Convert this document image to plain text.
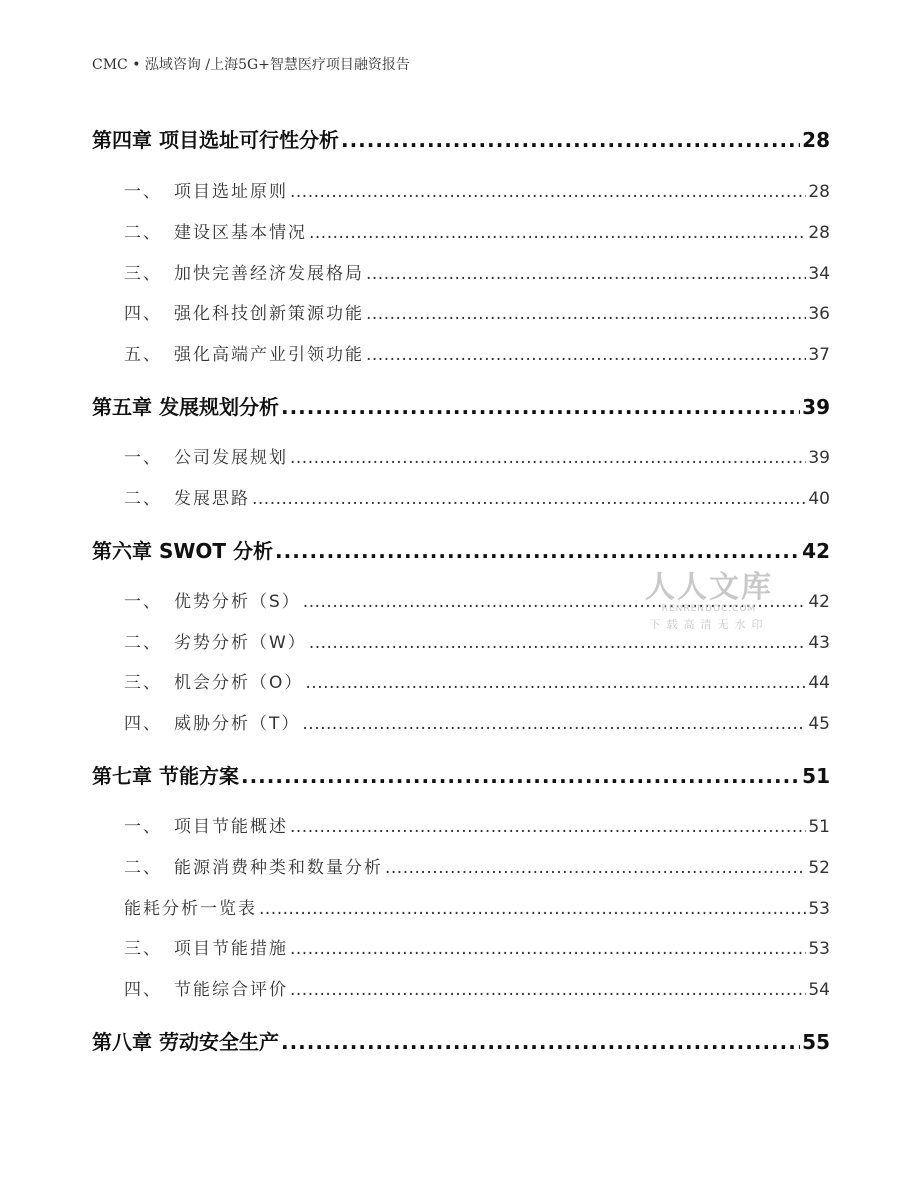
CMC • 泓域咨询 /上海5G+智慧医疗项目融资报告
第四章 项目选址可行性分析 .....	28
一、 项目选址原则 .....	28
二、 建设区基本情况 .....	28
三、 加快完善经济发展格局 .....	34
四、 强化科技创新策源功能 .....	36
五、 强化高端产业引领功能 .....	37
第五章 发展规划分析 .....	39
一、 公司发展规划 .....	39
二、 发展思路 .....	40
第六章 SWOT 分析 .....	42
一、 优势分析（S） .....	42
二、 劣势分析（W） .....	43
三、 机会分析（O） .....	44
四、 威胁分析（T） .....	45
第七章 节能方案 .....	51
一、 项目节能概述 .....	51
二、 能源消费种类和数量分析 .....	52
能耗分析一览表 .....	53
三、 项目节能措施 .....	53
四、 节能综合评价 .....	54
第八章 劳动安全生产 .....	55
人人文库
RENRENDOC.COM
下载高清无水印
